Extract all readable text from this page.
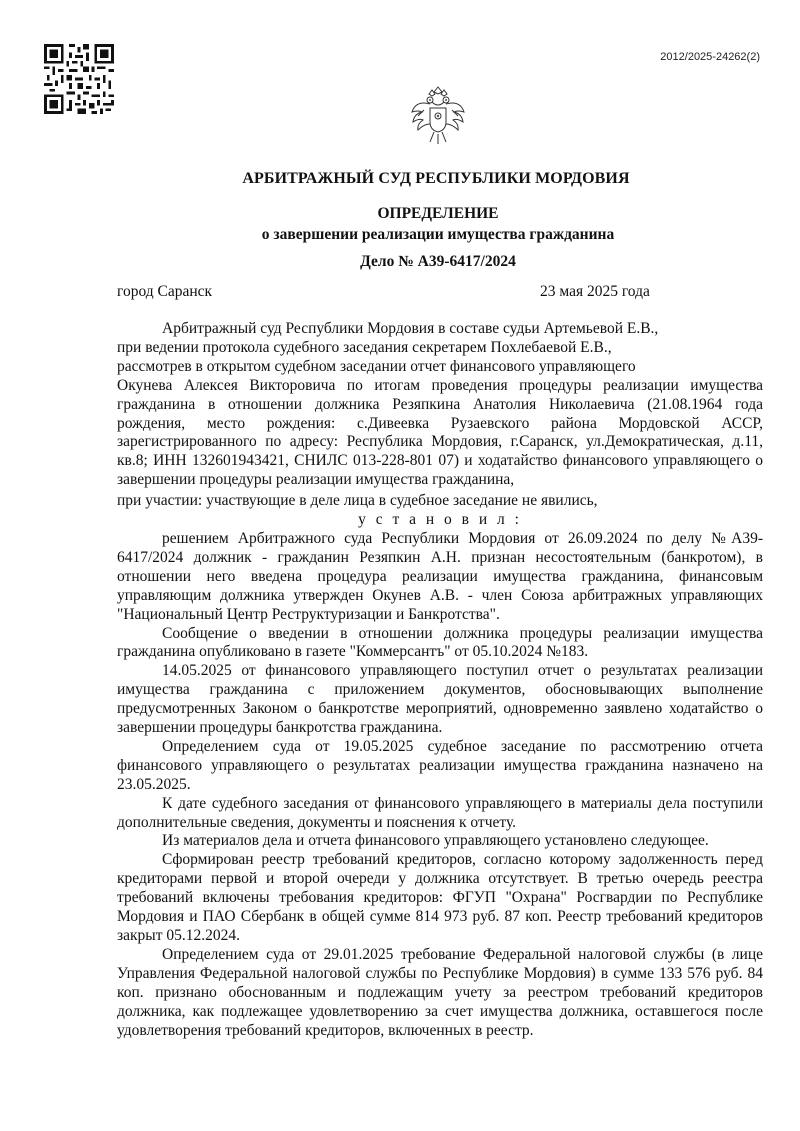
2012/2025-24262(2)
АРБИТРАЖНЫЙ СУД РЕСПУБЛИКИ МОРДОВИЯ
ОПРЕДЕЛЕНИЕ
о завершении реализации имущества гражданина
Дело № А39-6417/2024
город Саранск	23 мая 2025 года

Арбитражный суд Республики Мордовия в составе судьи Артемьевой Е.В.,

при ведении протокола судебного заседания секретарем Похлебаевой Е.В.,

рассмотрев в открытом судебном заседании отчет финансового управляющего

Окунева Алексея Викторовича по итогам проведения процедуры реализации имущества гражданина в отношении должника Резяпкина Анатолия Николаевича (21.08.1964 года рождения, место рождения: с.Дивеевка Рузаевского района Мордовской АССР, зарегистрированного по адресу: Республика Мордовия, г.Саранск, ул.Демократическая, д.11, кв.8; ИНН 132601943421, СНИЛС 013-228-801 07) и ходатайство финансового управляющего о завершении процедуры реализации имущества гражданина,

при участии: участвующие в деле лица в судебное заседание не явились,

у с т а н о в и л :

решением Арбитражного суда Республики Мордовия от 26.09.2024 по делу №А39-6417/2024 должник - гражданин Резяпкин А.Н. признан несостоятельным (банкротом), в отношении него введена процедура реализации имущества гражданина, финансовым управляющим должника утвержден Окунев А.В. - член Союза арбитражных управляющих "Национальный Центр Реструктуризации и Банкротства".

Сообщение о введении в отношении должника процедуры реализации имущества гражданина опубликовано в газете "Коммерсантъ" от 05.10.2024 №183.

14.05.2025 от финансового управляющего поступил отчет о результатах реализации имущества гражданина с приложением документов, обосновывающих выполнение предусмотренных Законом о банкротстве мероприятий, одновременно заявлено ходатайство о завершении процедуры банкротства гражданина.

Определением суда от 19.05.2025 судебное заседание по рассмотрению отчета финансового управляющего о результатах реализации имущества гражданина назначено на 23.05.2025.

К дате судебного заседания от финансового управляющего в материалы дела поступили дополнительные сведения, документы и пояснения к отчету.

Из материалов дела и отчета финансового управляющего установлено следующее.

Сформирован реестр требований кредиторов, согласно которому задолженность перед кредиторами первой и второй очереди у должника отсутствует. В третью очередь реестра требований включены требования кредиторов: ФГУП "Охрана" Росгвардии по Республике Мордовия и ПАО Сбербанк в общей сумме 814 973 руб. 87 коп. Реестр требований кредиторов закрыт 05.12.2024.

Определением суда от 29.01.2025 требование Федеральной налоговой службы (в лице Управления Федеральной налоговой службы по Республике Мордовия) в сумме 133 576 руб. 84 коп. признано обоснованным и подлежащим учету за реестром требований кредиторов должника, как подлежащее удовлетворению за счет имущества должника, оставшегося после удовлетворения требований кредиторов, включенных в реестр.
